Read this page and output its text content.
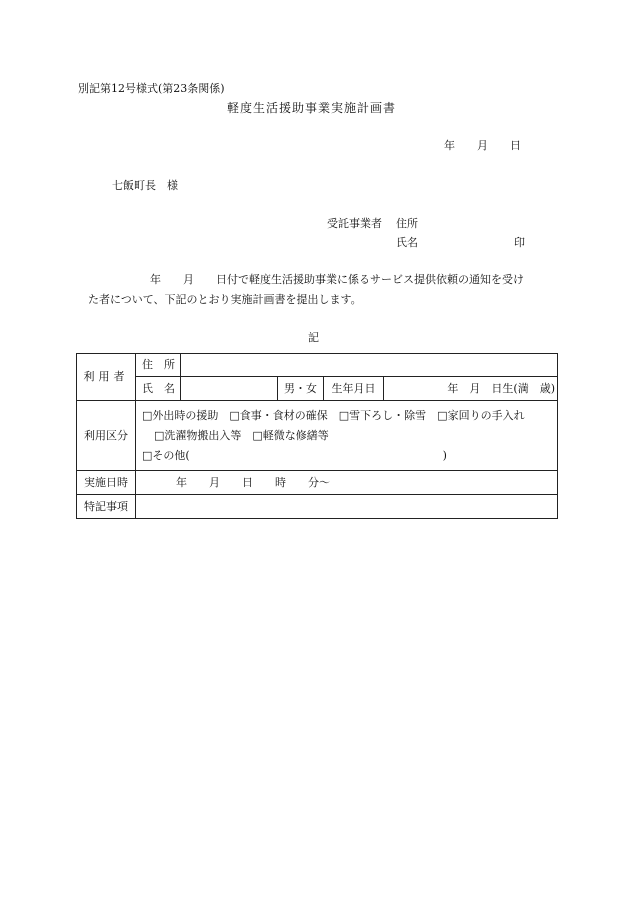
別記第12号様式(第23条関係)
軽度生活援助事業実施計画書
年　　月　　日
七飯町長　様
受託事業者 住所
氏名	印
年　　月　　日付で軽度生活援助事業に係るサービス提供依頼の通知を受け
た者について、下記のとおり実施計画書を提出します。
記
利用者	住　所				
	氏　名		男・女	生年月日	年　月　日生(満　歳)
利用区分	□外出時の援助　□食事・食材の確保　□雪下ろし・除雪　□家回りの手入れ
□洗濯物搬出入等　□軽微な修繕等
□その他(　　　　　　　　　　　　　　　　　　　　　　　)				

実施日時	年　　月　　日　　時　　分〜				
特記事項					
